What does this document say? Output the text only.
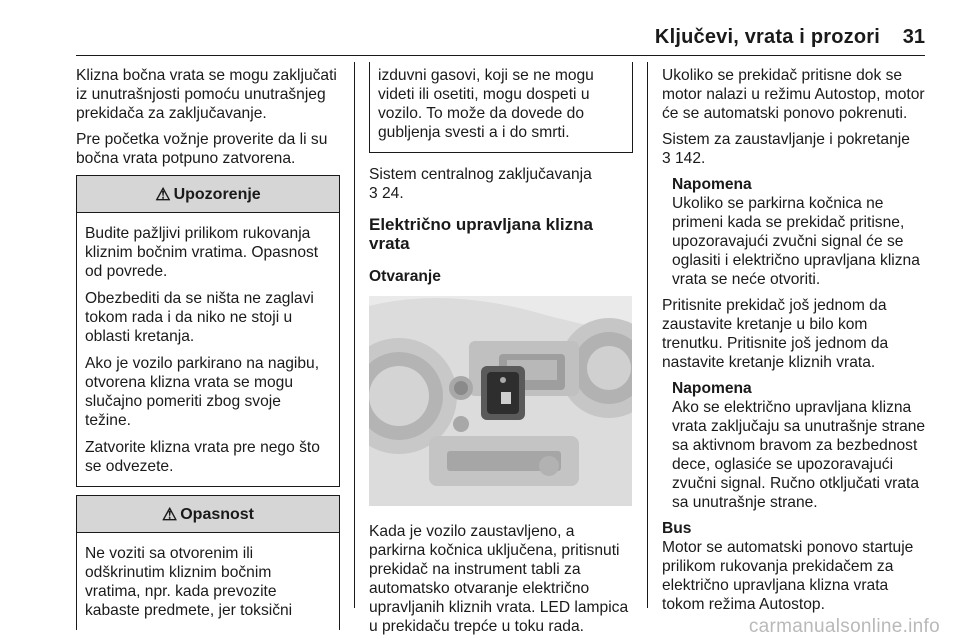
Ključevi, vrata i prozori 31

Klizna bočna vrata se mogu zaključati iz unutrašnjosti pomoću unutrašnjeg prekidača za zaključavanje.

Pre početka vožnje proverite da li su bočna vrata potpuno zatvorena.

⚠ Upozorenje

Budite pažljivi prilikom rukovanja kliznim bočnim vratima. Opasnost od povrede.

Obezbediti da se ništa ne zaglavi tokom rada i da niko ne stoji u oblasti kretanja.

Ako je vozilo parkirano na nagibu, otvorena klizna vrata se mogu slučajno pomeriti zbog svoje težine.

Zatvorite klizna vrata pre nego što se odvezete.

⚠ Opasnost

Ne voziti sa otvorenim ili odškrinutim kliznim bočnim vratima, npr. kada prevozite kabaste predmete, jer toksični

izduvni gasovi, koji se ne mogu videti ili osetiti, mogu dospeti u vozilo. To može da dovede do gubljenja svesti a i do smrti.

Sistem centralnog zaključavanja
3 24.

Električno upravljana klizna vrata
Otvaranje

Kada je vozilo zaustavljeno, a parkirna kočnica uključena, pritisnuti prekidač na instrument tabli za automatsko otvaranje električno upravljanih kliznih vrata. LED lampica u prekidaču trepće u toku rada.

Ukoliko se prekidač pritisne dok se motor nalazi u režimu Autostop, motor će se automatski ponovo pokrenuti.

Sistem za zaustavljanje i pokretanje
3 142.

Napomena

Ukoliko se parkirna kočnica ne primeni kada se prekidač pritisne, upozoravajući zvučni signal će se oglasiti i električno upravljana klizna vrata se neće otvoriti.

Pritisnite prekidač još jednom da zaustavite kretanje u bilo kom trenutku. Pritisnite još jednom da nastavite kretanje kliznih vrata.

Napomena

Ako se električno upravljana klizna vrata zaključaju sa unutrašnje strane sa aktivnom bravom za bezbednost dece, oglasiće se upozoravajući zvučni signal. Ručno otključati vrata sa unutrašnje strane.

Bus

Motor se automatski ponovo startuje prilikom rukovanja prekidačem za električno upravljana klizna vrata tokom režima Autostop.

carmanualsonline.info
